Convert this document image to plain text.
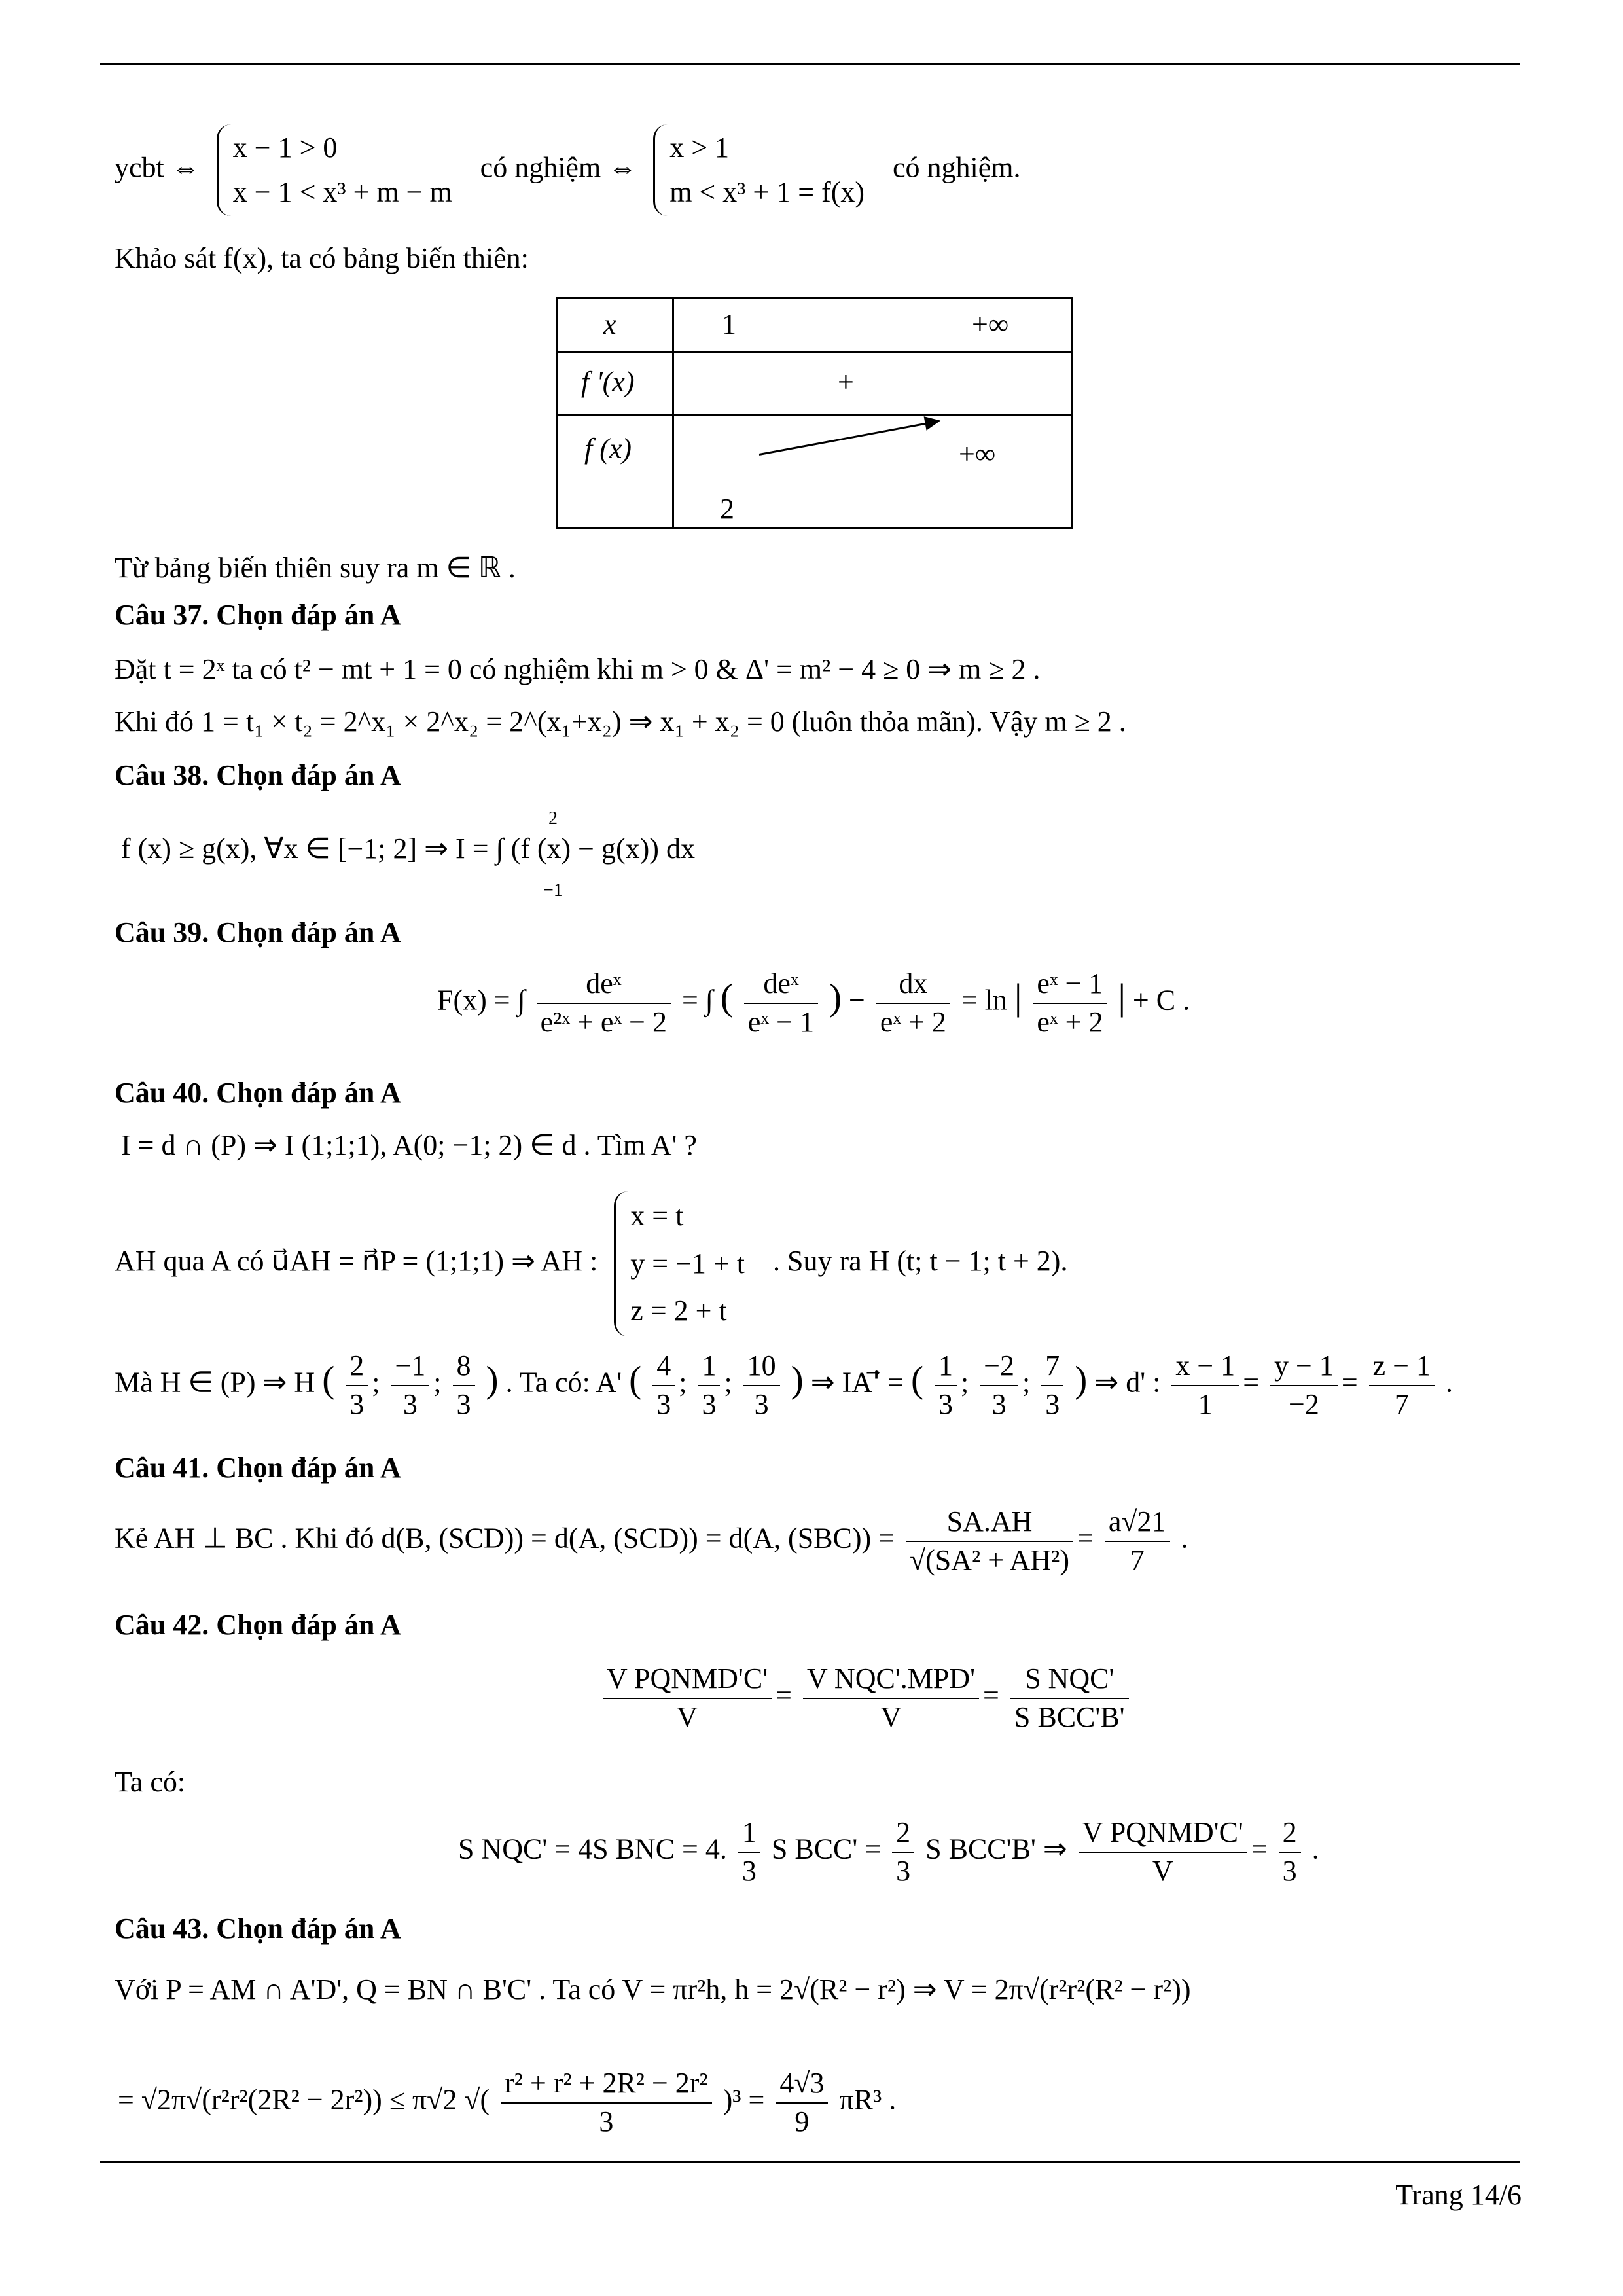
ycbt ⇔
x − 1 > 0
x − 1 < x³ + m − m
có nghiệm ⇔
x > 1
m < x³ + 1 = f(x)
có nghiệm.
Khảo sát f(x), ta có bảng biến thiên:
x	1	+∞
f '(x)	+
f (x)	+∞
2
Từ bảng biến thiên suy ra m ∈ ℝ .
Câu 37. Chọn đáp án A
Đặt t = 2ˣ ta có t² − mt + 1 = 0 có nghiệm khi m > 0 & Δ' = m² − 4 ≥ 0 ⇒ m ≥ 2 .
Khi đó 1 = t₁ × t₂ = 2^x₁ × 2^x₂ = 2^(x₁+x₂) ⇒ x₁ + x₂ = 0 (luôn thỏa mãn). Vậy m ≥ 2 .
Câu 38. Chọn đáp án A
2
f (x) ≥ g(x), ∀x ∈ [−1; 2] ⇒ I = ∫ (f (x) − g(x)) dx
−1
Câu 39. Chọn đáp án A
F(x) = ∫ $\frac{\text{deˣ}}{\text{e²ˣ + eˣ − 2}}$ = ∫ ( $\frac{\text{deˣ}}{\text{eˣ − 1}}$ ) − $\frac{dx}{\text{eˣ + 2}} = \ln$ | $\frac{\text{eˣ − 1}}{\text{eˣ + 2}}$ | + C .
Câu 40. Chọn đáp án A
I = d ∩ (P) ⇒ I (1;1;1), A(0; −1; 2) ∈ d . Tìm A' ?
AH qua A có u⃗AH = n⃗P = (1;1;1) ⇒ AH :
x = t
y = −1 + t
z = 2 + t
. Suy ra H (t; t − 1; t + 2).
Mà H ∈ (P) ⇒ H ( $\frac{2}{3}$ ; $\frac{-1}{3}$ ; $\frac{8}{3}$ ) . Ta có: A' ( $\frac{4}{3}$ ; $\frac{1}{3}$ ; $\frac{10}{3}$ ) ⇒ IA'⃗ = ( $\frac{1}{3}$ ; $\frac{-2}{3}$ ; $\frac{7}{3}$ ) ⇒ d' : $\frac{x - 1}{1} = \frac{y - 1}{-2} = \frac{z - 1}{7}$ .
Câu 41. Chọn đáp án A
Kẻ AH ⊥ BC . Khi đó d(B, (SCD)) = d(A, (SCD)) = d(A, $(SBC)) = \frac{SA.AH}{\text{√(SA² + AH²)}} = \frac{a√21}{7}$ .
Câu 42. Chọn đáp án A
$\frac{\text{V PQNMD'C'}}{V} = \frac{\text{V NQC'.MPD'}}{V} = \frac{\text{S NQC'}}{\text{S BCC'B'}}$
Ta có:
S NQC' = 4S BNC = 4. $\frac{1}{3}$ S $BCC' = \frac{2}{3}$ S BCC'B' ⇒ $\frac{\text{V PQNMD'C'}}{V} = \frac{2}{3}$ .
Câu 43. Chọn đáp án A
Với P = AM ∩ A'D', Q = BN ∩ B'C' . Ta có V = πr²h, h = 2√(R² − r²) ⇒ V = 2π√(r²r²(R² − r²))
= √2π√(r²r²(2R² − 2r²)) ≤ π√2 √( $\frac{\text{r² + r² + 2R² − 2r²}}{3} )^3 = \frac{4√3}{9} \pi R^3$ .
Trang 14/6
